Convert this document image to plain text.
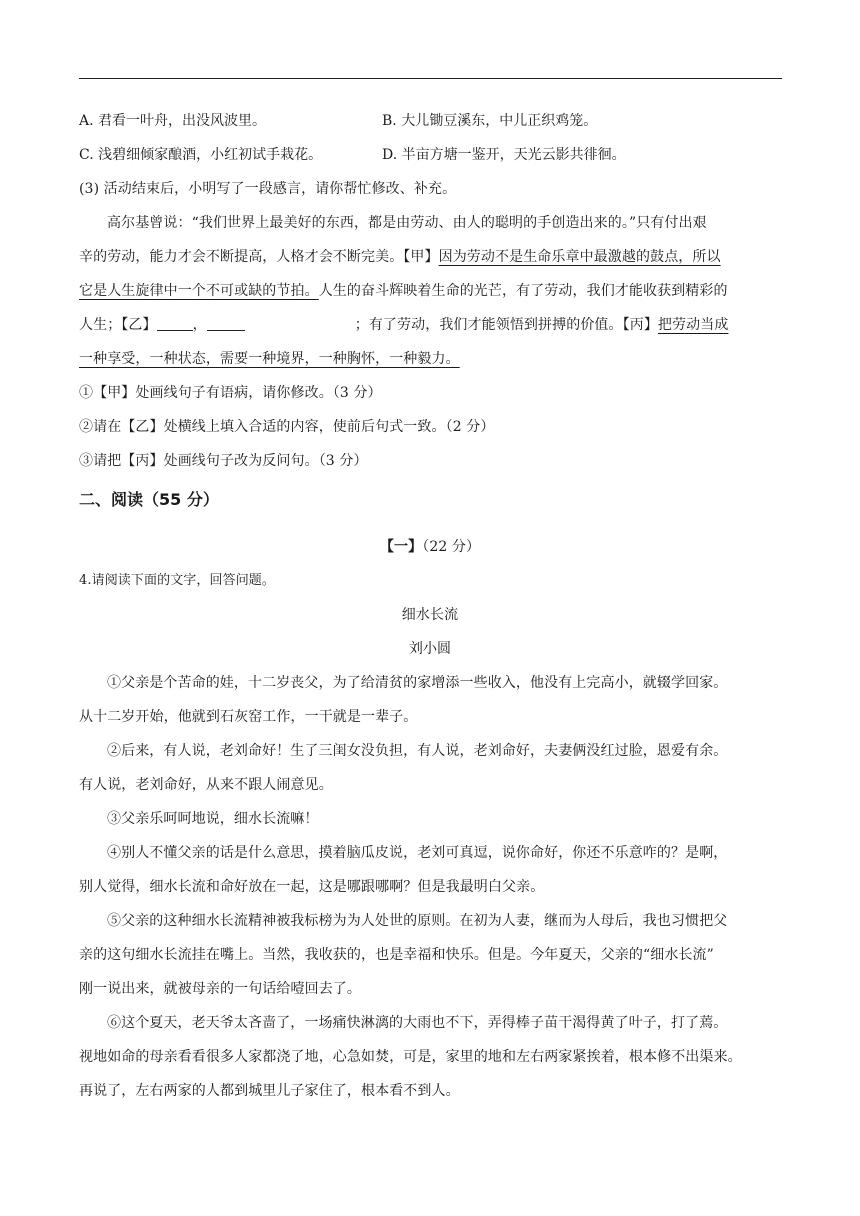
A. 君看一叶舟，出没风波里。	B. 大儿锄豆溪东，中儿正织鸡笼。
C. 浅碧细倾家酿酒，小红初试手栽花。	D. 半亩方塘一鉴开，天光云影共徘徊。
(3) 活动结束后，小明写了一段感言，请你帮忙修改、补充。
高尔基曾说：“我们世界上最美好的东西，都是由劳动、由人的聪明的手创造出来的。”只有付出艰
辛的劳动，能力才会不断提高，人格才会不断完美。【甲】因为劳动不是生命乐章中最激越的鼓点，所以
它是人生旋律中一个不可或缺的节拍。人生的奋斗辉映着生命的光芒，有了劳动，我们才能收获到精彩的
人生；【乙】	，	；有了劳动，我们才能领悟到拼搏的价值。【丙】把劳动当成
一种享受，一种状态，需要一种境界，一种胸怀，一种毅力。
①【甲】处画线句子有语病，请你修改。（3 分）
②请在【乙】处横线上填入合适的内容，使前后句式一致。（2 分）
③请把【丙】处画线句子改为反问句。（3 分）
二、阅读（55 分）
【一】（22 分）
4.请阅读下面的文字，回答问题。
细水长流
刘小圆
①父亲是个苦命的娃，十二岁丧父，为了给清贫的家增添一些收入，他没有上完高小，就辍学回家。
从十二岁开始，他就到石灰窑工作，一干就是一辈子。
②后来，有人说，老刘命好！生了三闺女没负担，有人说，老刘命好，夫妻俩没红过脸，恩爱有余。
有人说，老刘命好，从来不跟人闹意见。
③父亲乐呵呵地说，细水长流嘛！
④别人不懂父亲的话是什么意思，摸着脑瓜皮说，老刘可真逗，说你命好，你还不乐意咋的？是啊，
别人觉得，细水长流和命好放在一起，这是哪跟哪啊？但是我最明白父亲。
⑤父亲的这种细水长流精神被我标榜为为人处世的原则。在初为人妻，继而为人母后，我也习惯把父
亲的这句细水长流挂在嘴上。当然，我收获的，也是幸福和快乐。但是。今年夏天，父亲的“细水长流”
刚一说出来，就被母亲的一句话给噎回去了。
⑥这个夏天，老天爷太吝啬了，一场痛快淋漓的大雨也不下，弄得棒子苗干渴得黄了叶子，打了蔫。
视地如命的母亲看看很多人家都浇了地，心急如焚，可是，家里的地和左右两家紧挨着，根本修不出渠来。
再说了，左右两家的人都到城里儿子家住了，根本看不到人。
